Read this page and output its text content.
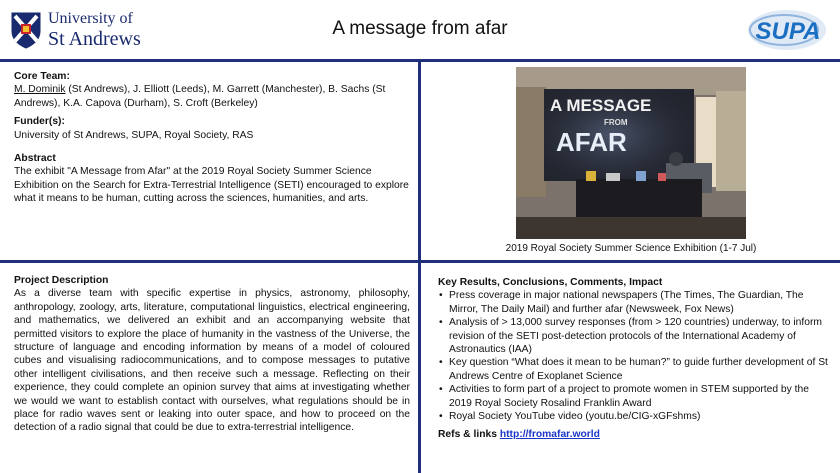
University of
St Andrews	A message from afar	SUPA
Core Team:
M. Dominik (St Andrews), J. Elliott (Leeds), M. Garrett (Manchester), B. Sachs (St Andrews), K.A. Capova (Durham), S. Croft (Berkeley)
Funder(s):
University of St Andrews, SUPA, Royal Society, RAS
Abstract
The exhibit "A Message from Afar" at the 2019 Royal Society Summer Science Exhibition on the Search for Extra-Terrestrial Intelligence (SETI) encouraged to explore what it means to be human, cutting across the sciences, humanities, and arts.
A MESSAGE
FROM
AFAR
2019 Royal Society Summer Science Exhibition (1-7 Jul)
Project Description
As a diverse team with specific expertise in physics, astronomy, philosophy, anthropology, zoology, arts, literature, computational linguistics, electrical engineering, and mathematics, we delivered an exhibit and an accompanying website that permitted visitors to explore the place of humanity in the vastness of the Universe, the structure of language and encoding information by means of a model of coloured cubes and visualising radiocommunications, and to compose messages to putative other intelligent civilisations, and then receive such a message. Reflecting on their experience, they could complete an opinion survey that aims at investigating whether we would we want to establish contact with ourselves, what regulations should be in place for radio waves sent or leaking into outer space, and how to proceed on the detection of a radio signal that could be due to extra-terrestrial intelligence.
Key Results, Conclusions, Comments, Impact
• Press coverage in major national newspapers (The Times, The Guardian, The Mirror, The Daily Mail) and further afar (Newsweek, Fox News)
• Analysis of > 13,000 survey responses (from > 120 countries) underway, to inform revision of the SETI post-detection protocols of the International Academy of Astronautics (IAA)
• Key question “What does it mean to be human?” to guide further development of St Andrews Centre of Exoplanet Science
• Activities to form part of a project to promote women in STEM supported by the 2019 Royal Society Rosalind Franklin Award
• Royal Society YouTube video (youtu.be/CIG-xGFshms)
Refs & links http://fromafar.world
